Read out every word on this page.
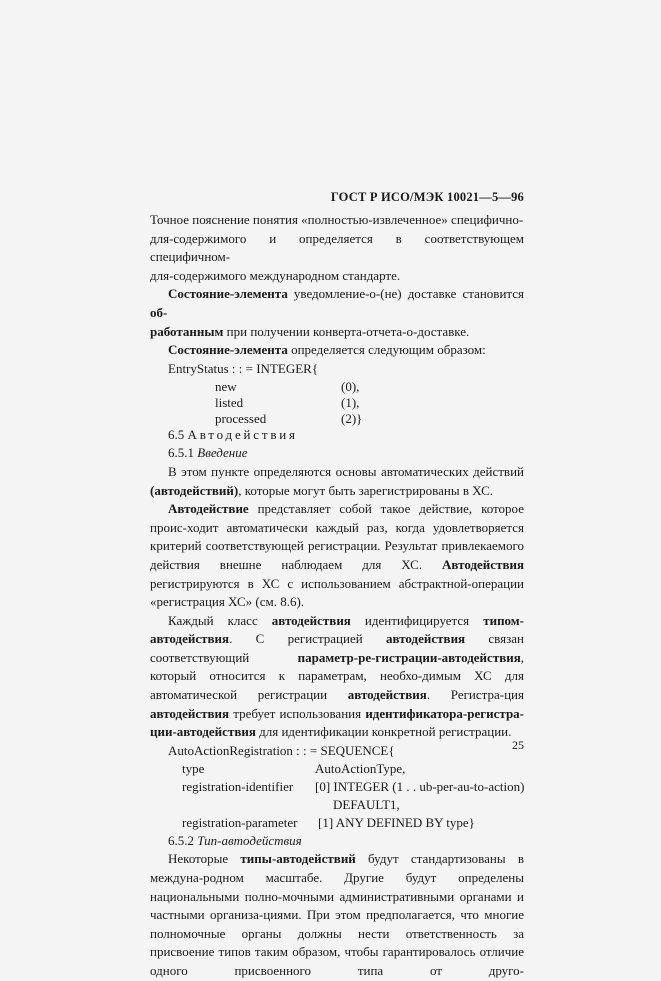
ГОСТ Р ИСО/МЭК 10021—5—96

Точное пояснение понятия «полностью-извлеченное» специфично-
для-содержимого и определяется в соответствующем специфичном-
для-содержимого международном стандарте.

Состояние-элемента уведомление-о-(не) доставке становится об-
работанным при получении конверта-отчета-о-доставке.

Состояние-элемента определяется следующим образом:

EntryStatus : : = INTEGER{
new	(0),
listed	(1),
processed	(2)}

6.5 Автодействия

6.5.1 Введение

В этом пункте определяются основы автоматических действий (автодействий), которые могут быть зарегистрированы в ХС.

Автодействие представляет собой такое действие, которое проис-ходит автоматически каждый раз, когда удовлетворяется критерий соответствующей регистрации. Результат привлекаемого действия внешне наблюдаем для ХС. Автодействия регистрируются в ХС с использованием абстрактной-операции «регистрация ХС» (см. 8.6).

Каждый класс автодействия идентифицируется типом-автодействия. С регистрацией автодействия связан соответствующий параметр-ре-гистрации-автодействия, который относится к параметрам, необхо-димым ХС для автоматической регистрации автодействия. Регистра-ция автодействия требует использования идентификатора-регистра-ции-автодействия для идентификации конкретной регистрации.

AutoActionRegistration : : = SEQUENCE{
type	AutoActionType,
registration-identifier [0] INTEGER (1 . . ub-per-au-to-action)
DEFAULT1,
registration-parameter [1] ANY DEFINED BY type}

6.5.2 Тип-автодействия

Некоторые типы-автодействий будут стандартизованы в междуна-родном масштабе. Другие будут определены национальными полно-мочными административными органами и частными организа-циями. При этом предполагается, что многие полномочные органы должны нести ответственность за присвоение типов таким образом, чтобы гарантировалось отличие одного присвоенного типа от друго-

25
